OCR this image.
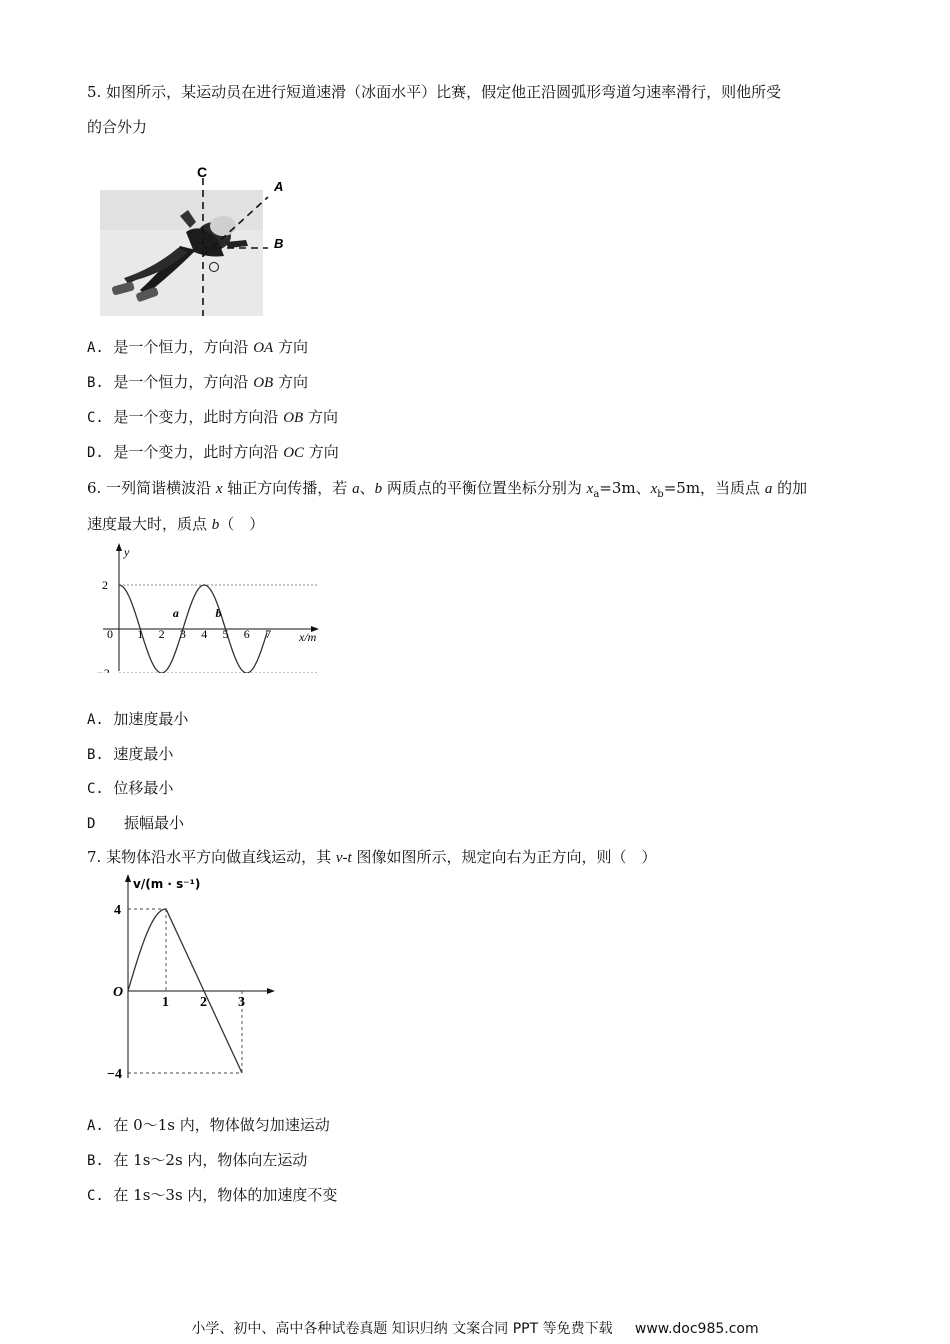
5. 如图所示，某运动员在进行短道速滑（冰面水平）比赛，假定他正沿圆弧形弯道匀速率滑行，则他所受
的合外力
C
A
B
A. 是一个恒力，方向沿 OA 方向
B. 是一个恒力，方向沿 OB 方向
C. 是一个变力，此时方向沿 OB 方向
D. 是一个变力，此时方向沿 OC 方向
6. 一列简谐横波沿 x 轴正方向传播，若 a、b 两质点的平衡位置坐标分别为 $x_a=3m$、$x_b=5m$，当质点 a 的加
速度最大时，质点 b（　）
y
x/m
2
−2
0 1 2 3 4 5 6 7
a	b
A. 加速度最小
B. 速度最小
C. 位移最小
D 振幅最小
7. 某物体沿水平方向做直线运动，其 v-t 图像如图所示，规定向右为正方向，则（　）
v/(m · s⁻¹)
O
4
−4
1 2 3
A. 在 0～1s 内，物体做匀加速运动
B. 在 1s～2s 内，物体向左运动
C. 在 1s～3s 内，物体的加速度不变
小学、初中、高中各种试卷真题 知识归纳 文案合同 PPT 等免费下载 www.doc985.com
